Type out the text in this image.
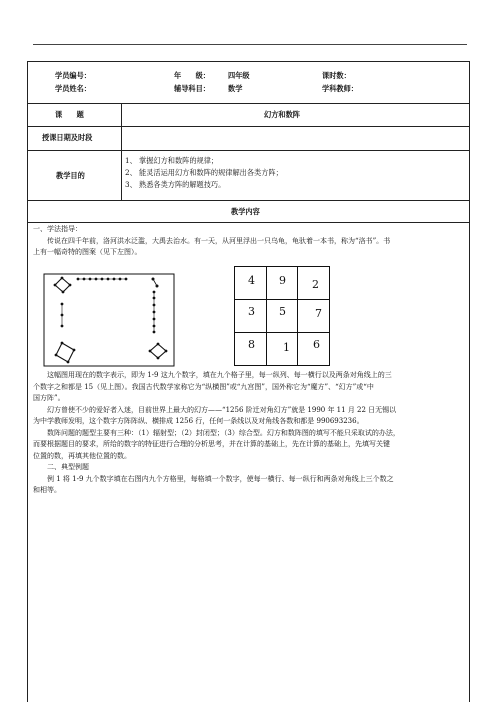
学员编号：	年　　级：	四年级	课时数：
学员姓名：	辅导科目：	数学	学科教师：
课　　题	幻方和数阵
授课日期及时段
教学目的
1、 掌握幻方和数阵的规律；
2、 能灵活运用幻方和数阵的规律解出各类方阵；
3、 熟悉各类方阵的解题技巧。
教学内容

一、学法指导：

传说在四千年前，洛河洪水泛滥，大禹去治水。有一天，从河里浮出一只乌龟，龟驮着一本书，称为“洛书”。书

上有一幅奇特的图案（见下左图）。

4 9 2
3 5	7
8	1 6

这幅图用现在的数字表示，即为 1-9 这九个数字，填在九个格子里，每一纵列、每一横行以及两条对角线上的三

个数字之和都是 15（见上图）。我国古代数学家称它为“纵横图”或“九宫图”，国外称它为“魔方”、“幻方”或“中

国方阵”。

幻方曾使不少的爱好者入迷，目前世界上最大的幻方——“1256 阶迁对角幻方”就是 1990 年 11 月 22 日无锡以

为中学教师发明，这个数字方阵阵纵、横排成 1256 行，任何一条线以及对角线各数和都是 990693236。

数阵问题的题型主要有三种：（1）辐射型；（2）封闭型；（3）综合型。幻方和数阵图的填写不能只采取试的办法，

而要根据题目的要求，所给的数字的特征进行合理的分析思考，并在计算的基础上，先在计算的基础上，先填写关键

位置的数，再填其他位置的数。

二、典型例题

例 1 将 1-9 九个数字填在右图内九个方格里，每格填一个数字，使每一横行、每一纵行和两条对角线上三个数之

和相等。
